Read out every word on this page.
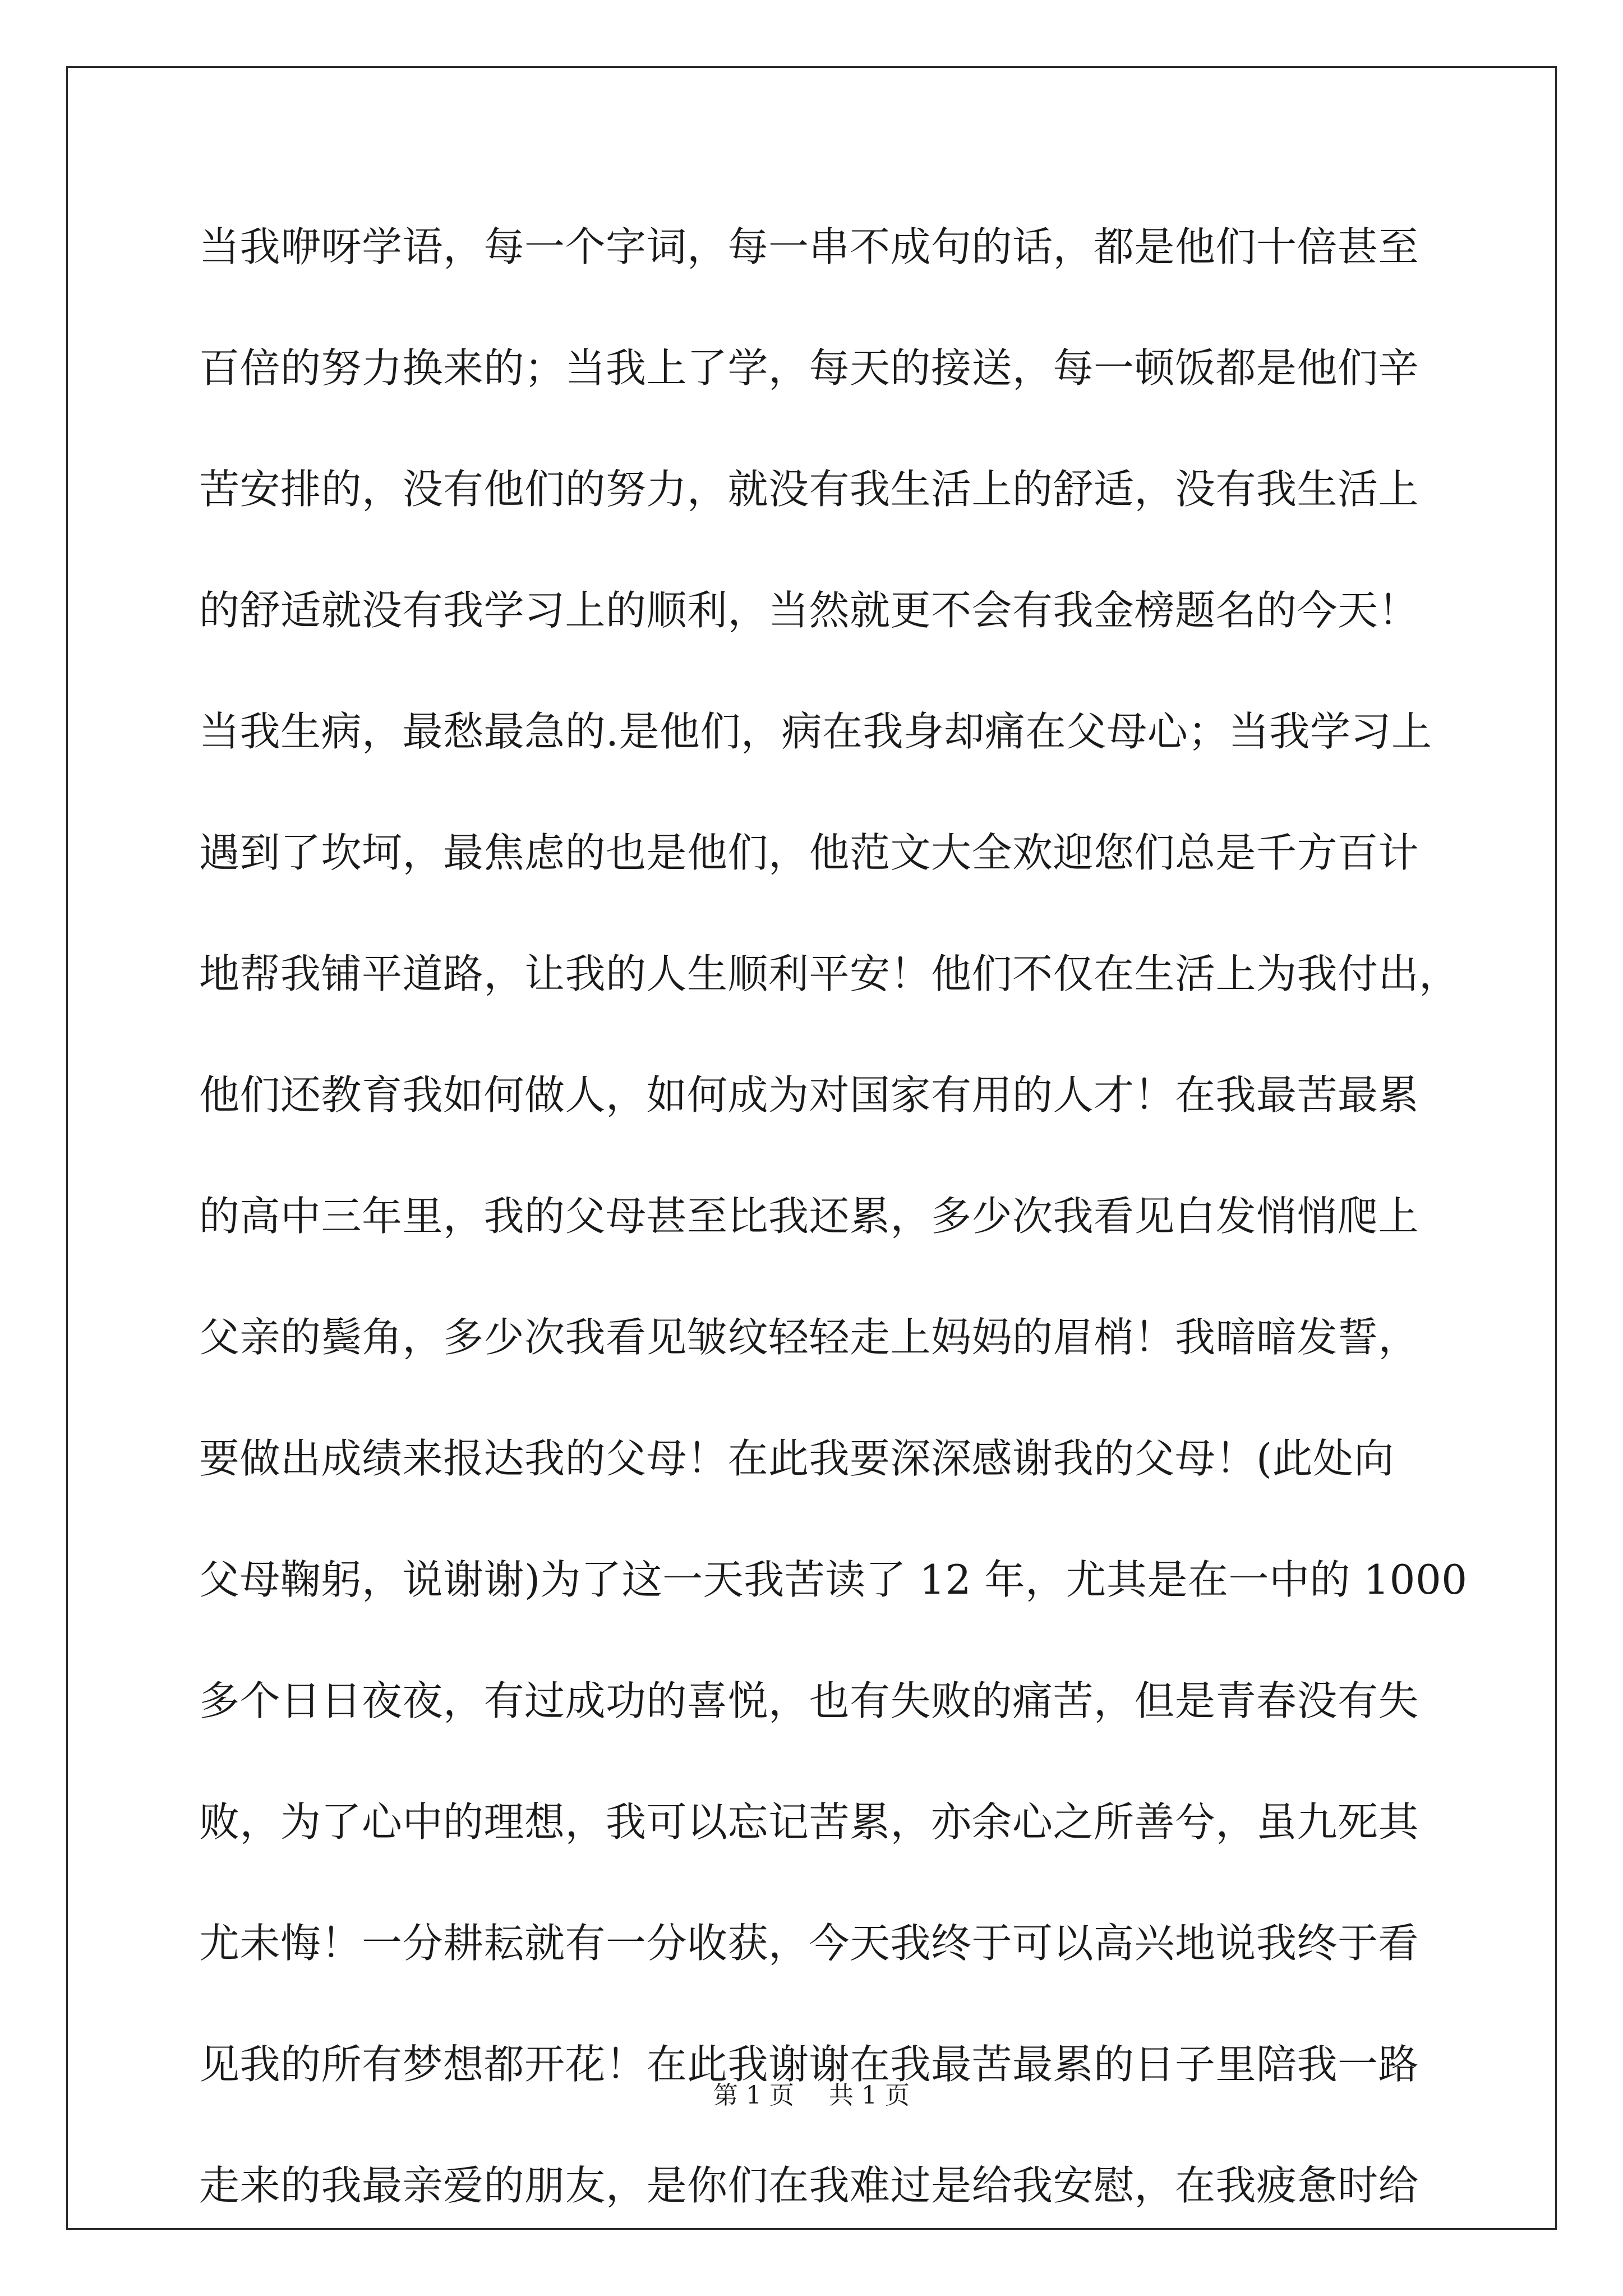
当我咿呀学语，每一个字词，每一串不成句的话，都是他们十倍甚至
百倍的努力换来的；当我上了学，每天的接送，每一顿饭都是他们辛
苦安排的，没有他们的努力，就没有我生活上的舒适，没有我生活上
的舒适就没有我学习上的顺利，当然就更不会有我金榜题名的今天！
当我生病，最愁最急的.是他们，病在我身却痛在父母心；当我学习上
遇到了坎坷，最焦虑的也是他们，他范文大全欢迎您们总是千方百计
地帮我铺平道路，让我的人生顺利平安！他们不仅在生活上为我付出，
他们还教育我如何做人，如何成为对国家有用的人才！在我最苦最累
的高中三年里，我的父母甚至比我还累，多少次我看见白发悄悄爬上
父亲的鬓角，多少次我看见皱纹轻轻走上妈妈的眉梢！我暗暗发誓，
要做出成绩来报达我的父母！在此我要深深感谢我的父母！(此处向
父母鞠躬，说谢谢)为了这一天我苦读了 12 年，尤其是在一中的 1000
多个日日夜夜，有过成功的喜悦，也有失败的痛苦，但是青春没有失
败，为了心中的理想，我可以忘记苦累，亦余心之所善兮，虽九死其
尤未悔！一分耕耘就有一分收获，今天我终于可以高兴地说我终于看
见我的所有梦想都开花！在此我谢谢在我最苦最累的日子里陪我一路
走来的我最亲爱的朋友，是你们在我难过是给我安慰，在我疲惫时给
第 1 页 共 1 页
